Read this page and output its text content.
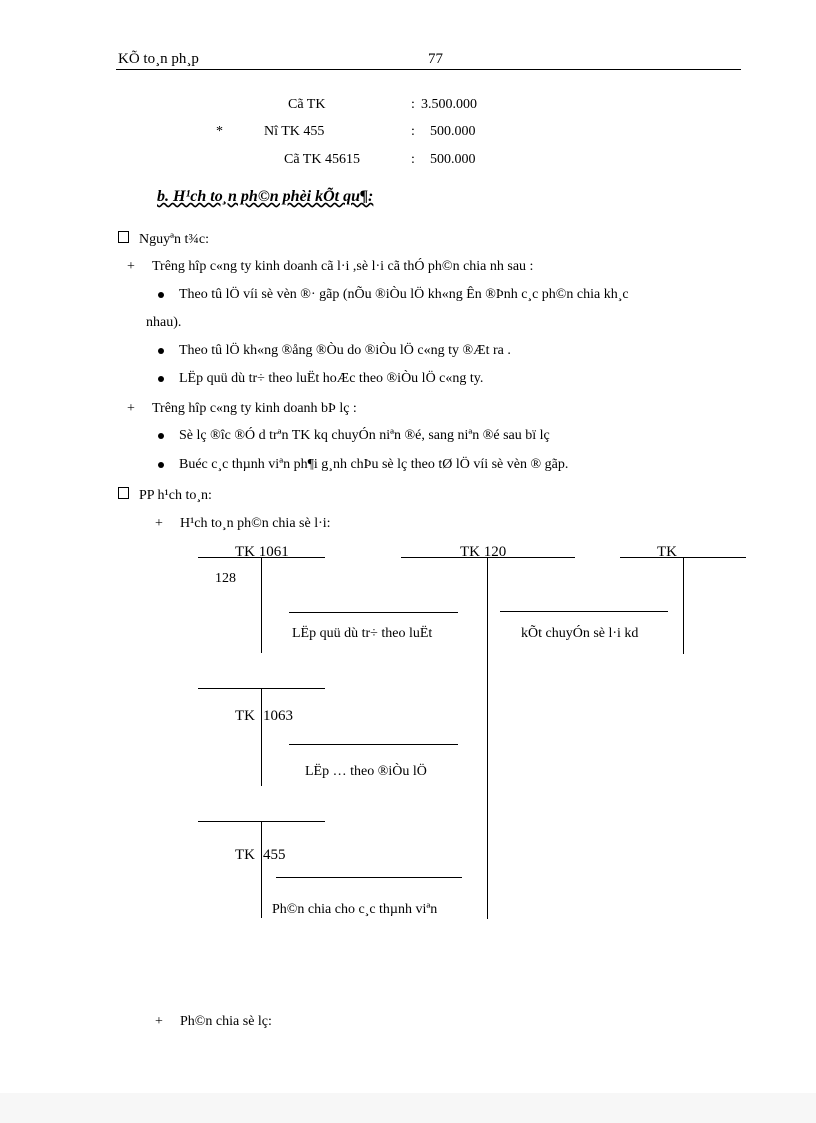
KÕ to¸n ph¸p	77
Cã TK	: 3.500.000
*	Nî TK 455	: 500.000
Cã TK 45615	: 500.000
b. H¹ch to¸n ph©n phèi kÕt qu¶:
Nguyªn t¾c:
+ Trêng hîp c«ng ty kinh doanh cã l·i ,sè l·i cã thÓ ph©n chia nh sau :
Theo tû lÖ víi sè vèn ®· gãp (nÕu ®iÒu lÖ kh«ng Ên ®Þnh c¸c ph©n chia kh¸c
nhau).
Theo tû lÖ kh«ng ®ång ®Òu do ®iÒu lÖ c«ng ty ®Æt ra .
LËp quü dù tr÷ theo luËt hoÆc theo ®iÒu lÖ c«ng ty.
+ Trêng hîp c«ng ty kinh doanh bÞ lç :
Sè lç ®îc ®Ó d trªn TK kq chuyÓn niªn ®é, sang niªn ®é sau bï lç
Buéc c¸c thµnh viªn ph¶i g¸nh chÞu sè lç theo tØ lÖ víi sè vèn ® gãp.
PP h¹ch to¸n:
+ H¹ch to¸n ph©n chia sè l·i:
TK 1061
128
TK 120	TK
LËp quü dù tr÷ theo luËt	kÕt chuyÓn sè l·i kd
TK 1063
LËp … theo ®iÒu lÖ
TK 455
Ph©n chia cho c¸c thµnh viªn
+ Ph©n chia sè lç:
